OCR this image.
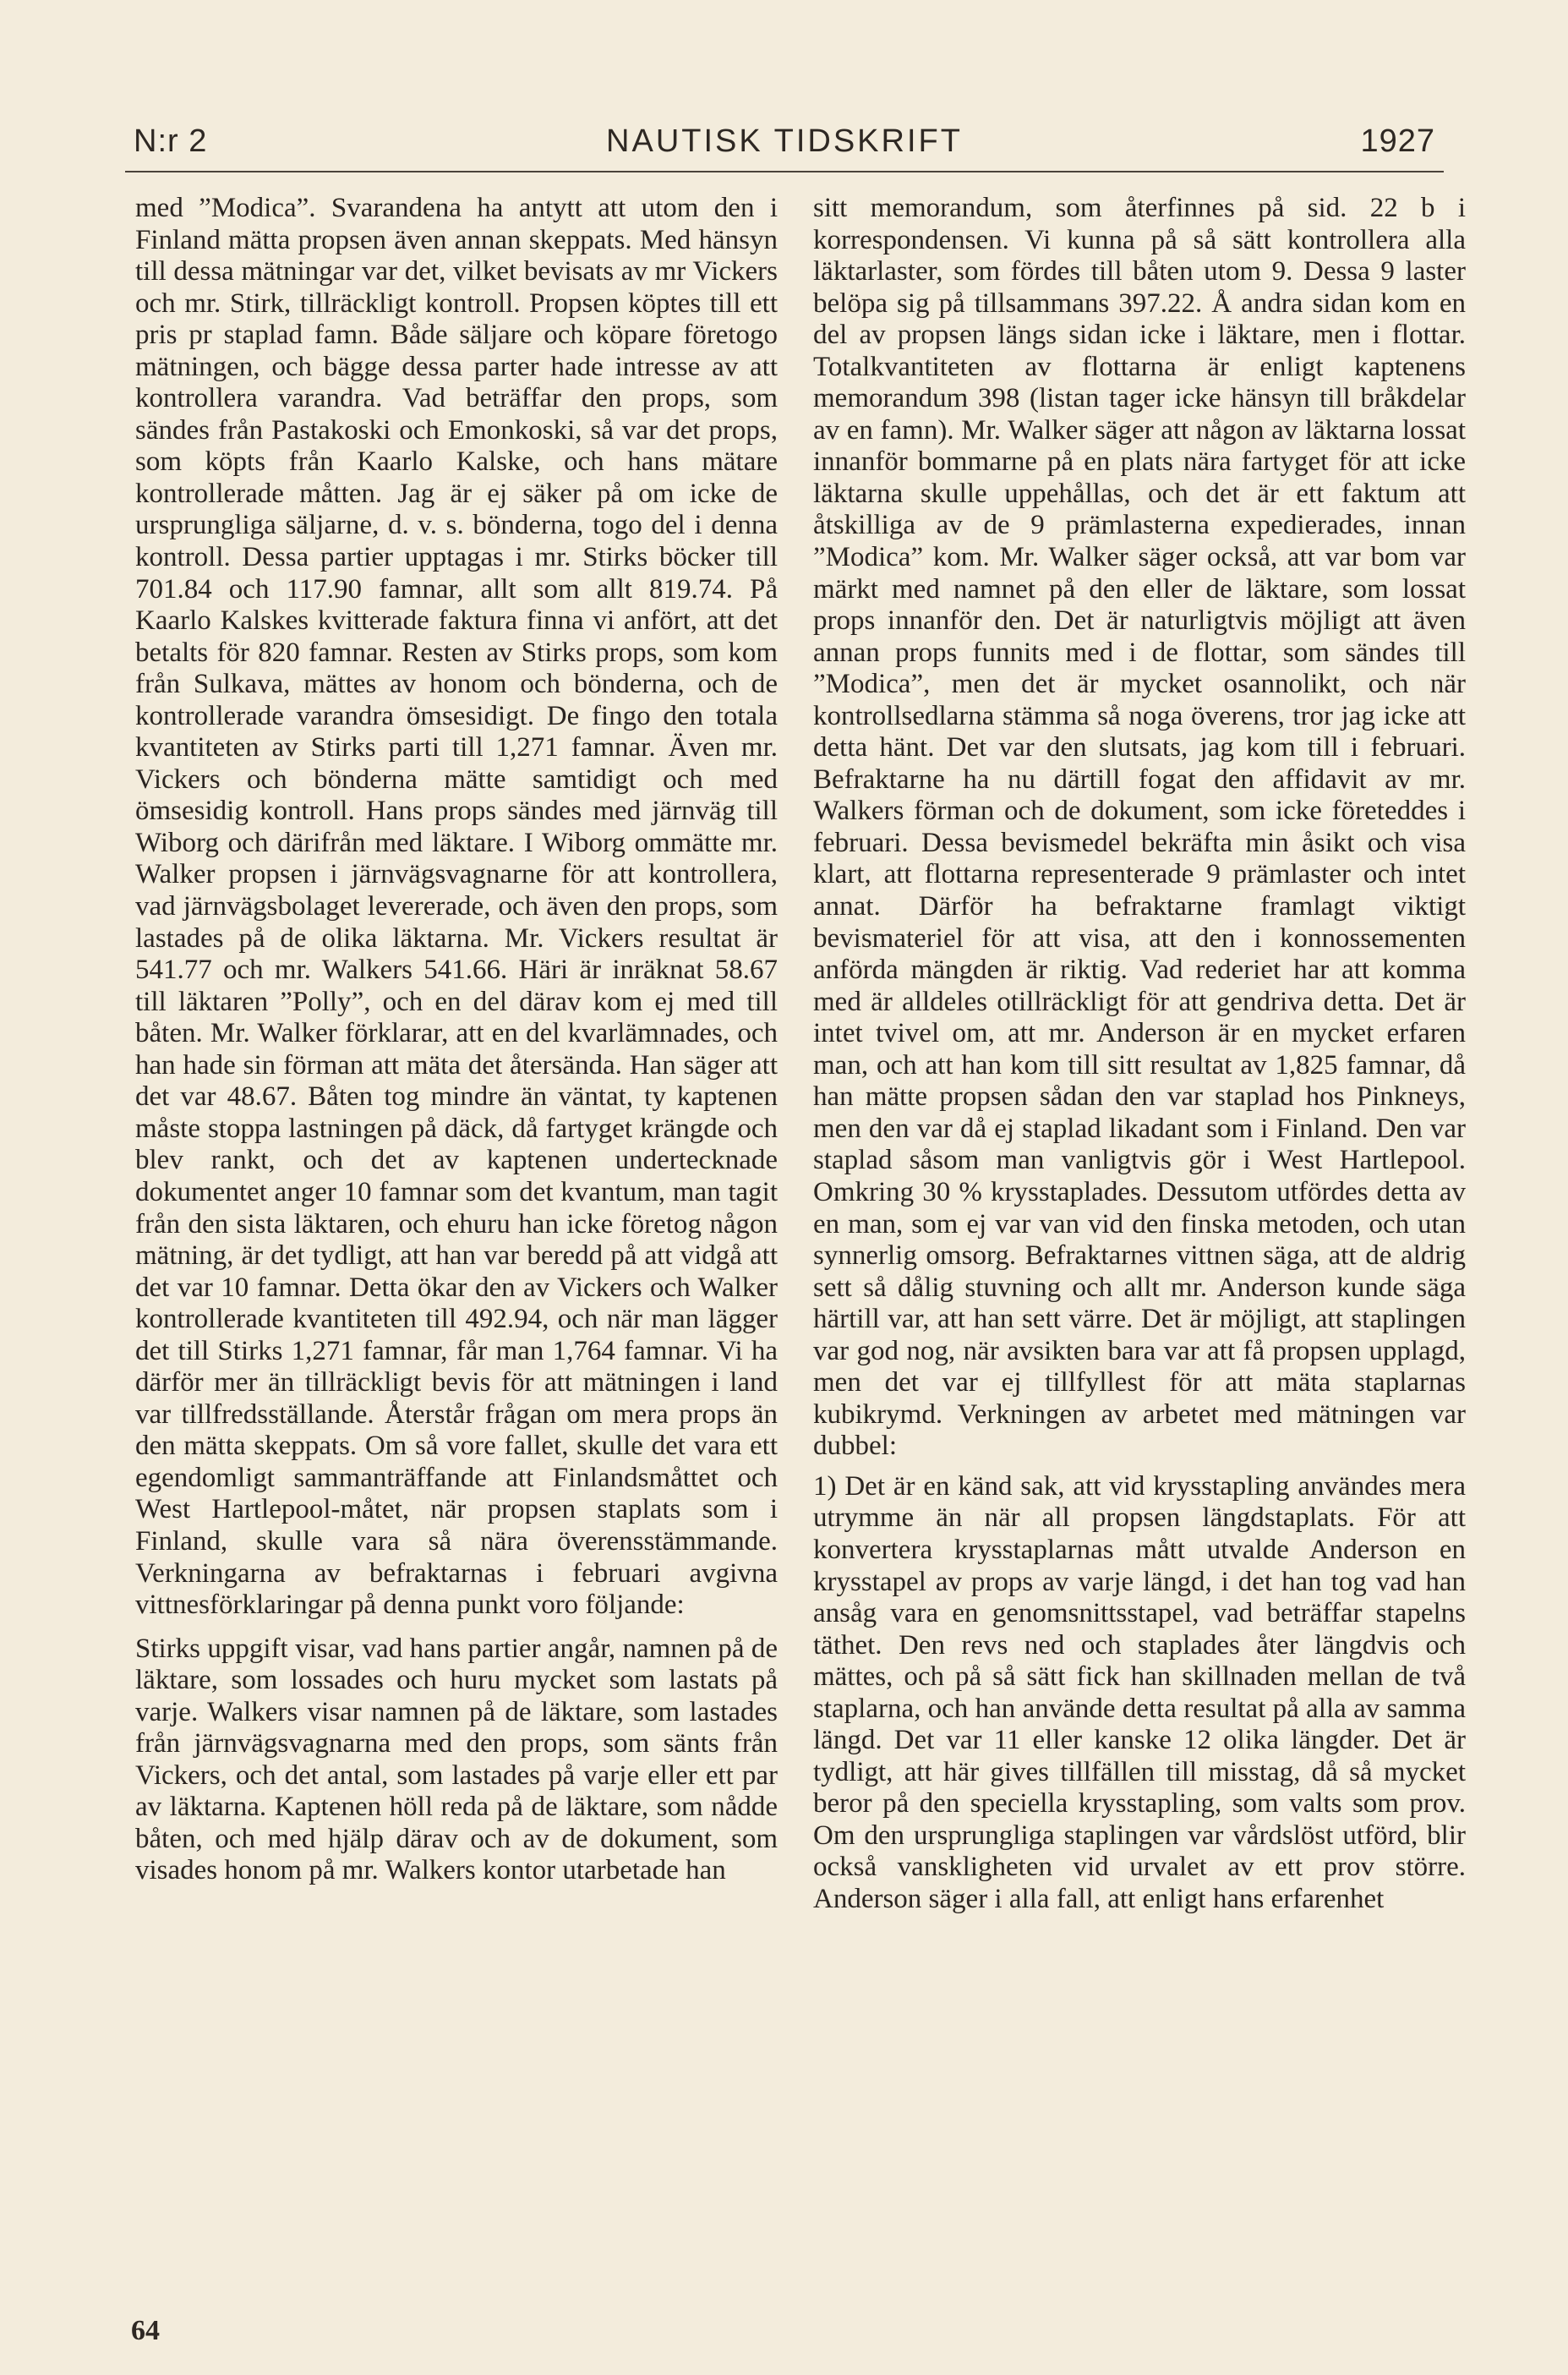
N:r 2	NAUTISK TIDSKRIFT	1927

med ”Modica”. Svarandena ha antytt att utom den i Finland mätta propsen även annan skeppats. Med hänsyn till dessa mätningar var det, vilket bevisats av mr Vickers och mr. Stirk, tillräckligt kontroll. Propsen köptes till ett pris pr staplad famn. Både säljare och köpare företogo mätningen, och bägge dessa parter hade intresse av att kontrollera varandra. Vad beträffar den props, som sändes från Pastakoski och Emonkoski, så var det props, som köpts från Kaarlo Kalske, och hans mätare kontrollerade måtten. Jag är ej säker på om icke de ursprungliga säljarne, d. v. s. bönderna, togo del i denna kontroll. Dessa partier upptagas i mr. Stirks böcker till 701.84 och 117.90 famnar, allt som allt 819.74. På Kaarlo Kalskes kvitterade faktura finna vi anfört, att det betalts för 820 famnar. Resten av Stirks props, som kom från Sulkava, mättes av honom och bönderna, och de kontrollerade varandra ömsesidigt. De fingo den totala kvantiteten av Stirks parti till 1,271 famnar. Även mr. Vickers och bönderna mätte samtidigt och med ömsesidig kontroll. Hans props sändes med järnväg till Wiborg och därifrån med läktare. I Wiborg ommätte mr. Walker propsen i järnvägsvagnarne för att kontrollera, vad järnvägsbolaget levererade, och även den props, som lastades på de olika läktarna. Mr. Vickers resultat är 541.77 och mr. Walkers 541.66. Häri är inräknat 58.67 till läktaren ”Polly”, och en del därav kom ej med till båten. Mr. Walker förklarar, att en del kvarlämnades, och han hade sin förman att mäta det återsända. Han säger att det var 48.67. Båten tog mindre än väntat, ty kaptenen måste stoppa lastningen på däck, då fartyget krängde och blev rankt, och det av kaptenen undertecknade dokumentet anger 10 famnar som det kvantum, man tagit från den sista läktaren, och ehuru han icke företog någon mätning, är det tydligt, att han var beredd på att vidgå att det var 10 famnar. Detta ökar den av Vickers och Walker kontrollerade kvantiteten till 492.94, och när man lägger det till Stirks 1,271 famnar, får man 1,764 famnar. Vi ha därför mer än tillräckligt bevis för att mätningen i land var tillfredsställande. Återstår frågan om mera props än den mätta skeppats. Om så vore fallet, skulle det vara ett egendomligt sammanträffande att Finlandsmåttet och West Hartlepool-måtet, när propsen staplats som i Finland, skulle vara så nära överensstämmande. Verkningarna av befraktarnas i februari avgivna vittnesförklaringar på denna punkt voro följande:

Stirks uppgift visar, vad hans partier angår, namnen på de läktare, som lossades och huru mycket som lastats på varje. Walkers visar namnen på de läktare, som lastades från järnvägsvagnarna med den props, som sänts från Vickers, och det antal, som lastades på varje eller ett par av läktarna. Kaptenen höll reda på de läktare, som nådde båten, och med hjälp därav och av de dokument, som visades honom på mr. Walkers kontor utarbetade han

sitt memorandum, som återfinnes på sid. 22 b i korrespondensen. Vi kunna på så sätt kontrollera alla läktarlaster, som fördes till båten utom 9. Dessa 9 laster belöpa sig på tillsammans 397.22. Å andra sidan kom en del av propsen längs sidan icke i läktare, men i flottar. Totalkvantiteten av flottarna är enligt kaptenens memorandum 398 (listan tager icke hänsyn till bråkdelar av en famn). Mr. Walker säger att någon av läktarna lossat innanför bommarne på en plats nära fartyget för att icke läktarna skulle uppehållas, och det är ett faktum att åtskilliga av de 9 prämlasterna expedierades, innan ”Modica” kom. Mr. Walker säger också, att var bom var märkt med namnet på den eller de läktare, som lossat props innanför den. Det är naturligtvis möjligt att även annan props funnits med i de flottar, som sändes till ”Modica”, men det är mycket osannolikt, och när kontrollsedlarna stämma så noga överens, tror jag icke att detta hänt. Det var den slutsats, jag kom till i februari. Befraktarne ha nu därtill fogat den affidavit av mr. Walkers förman och de dokument, som icke företeddes i februari. Dessa bevismedel bekräfta min åsikt och visa klart, att flottarna representerade 9 prämlaster och intet annat. Därför ha befraktarne framlagt viktigt bevismateriel för att visa, att den i konnossementen anförda mängden är riktig. Vad rederiet har att komma med är alldeles otillräckligt för att gendriva detta. Det är intet tvivel om, att mr. Anderson är en mycket erfaren man, och att han kom till sitt resultat av 1,825 famnar, då han mätte propsen sådan den var staplad hos Pinkneys, men den var då ej staplad likadant som i Finland. Den var staplad såsom man vanligtvis gör i West Hartlepool. Omkring 30 % krysstaplades. Dessutom utfördes detta av en man, som ej var van vid den finska metoden, och utan synnerlig omsorg. Befraktarnes vittnen säga, att de aldrig sett så dålig stuvning och allt mr. Anderson kunde säga härtill var, att han sett värre. Det är möjligt, att staplingen var god nog, när avsikten bara var att få propsen upplagd, men det var ej tillfyllest för att mäta staplarnas kubikrymd. Verkningen av arbetet med mätningen var dubbel:

1) Det är en känd sak, att vid krysstapling användes mera utrymme än när all propsen längdstaplats. För att konvertera krysstaplarnas mått utvalde Anderson en krysstapel av props av varje längd, i det han tog vad han ansåg vara en genomsnittsstapel, vad beträffar stapelns täthet. Den revs ned och staplades åter längdvis och mättes, och på så sätt fick han skillnaden mellan de två staplarna, och han använde detta resultat på alla av samma längd. Det var 11 eller kanske 12 olika längder. Det är tydligt, att här gives tillfällen till misstag, då så mycket beror på den speciella krysstapling, som valts som prov. Om den ursprungliga staplingen var vårdslöst utförd, blir också vanskligheten vid urvalet av ett prov större. Anderson säger i alla fall, att enligt hans erfarenhet

64
